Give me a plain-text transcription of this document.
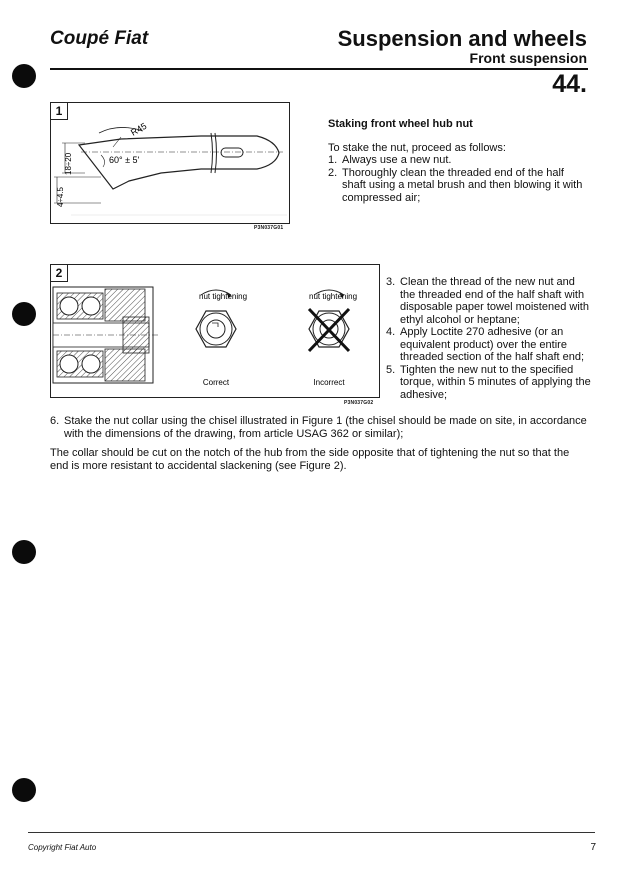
Coupé Fiat	Suspension and wheels
Front suspension
44.
1
R45
60° ± 5'
18÷20
4÷4.5
P3N037G01
2
nut tightening	nut tightening
Correct	Incorrect
P3N037G02
Staking front wheel hub nut
To stake the nut, proceed as follows:
1. Always use a new nut.
2. Thoroughly clean the threaded end of the half shaft using a metal brush and then blowing it with compressed air;
3. Clean the thread of the new nut and the threaded end of the half shaft with disposable paper towel moistened with ethyl alcohol or heptane;
4. Apply Loctite 270 adhesive (or an equivalent product) over the entire threaded section of the half shaft end;
5. Tighten the new nut to the specified torque, within 5 minutes of applying the adhesive;
6. Stake the nut collar using the chisel illustrated in Figure 1 (the chisel should be made on site, in accordance with the dimensions of the drawing, from article USAG 362 or similar);
The collar should be cut on the notch of the hub from the side opposite that of tightening the nut so that the end is more resistant to accidental slackening (see Figure 2).
Copyright Fiat Auto	7
